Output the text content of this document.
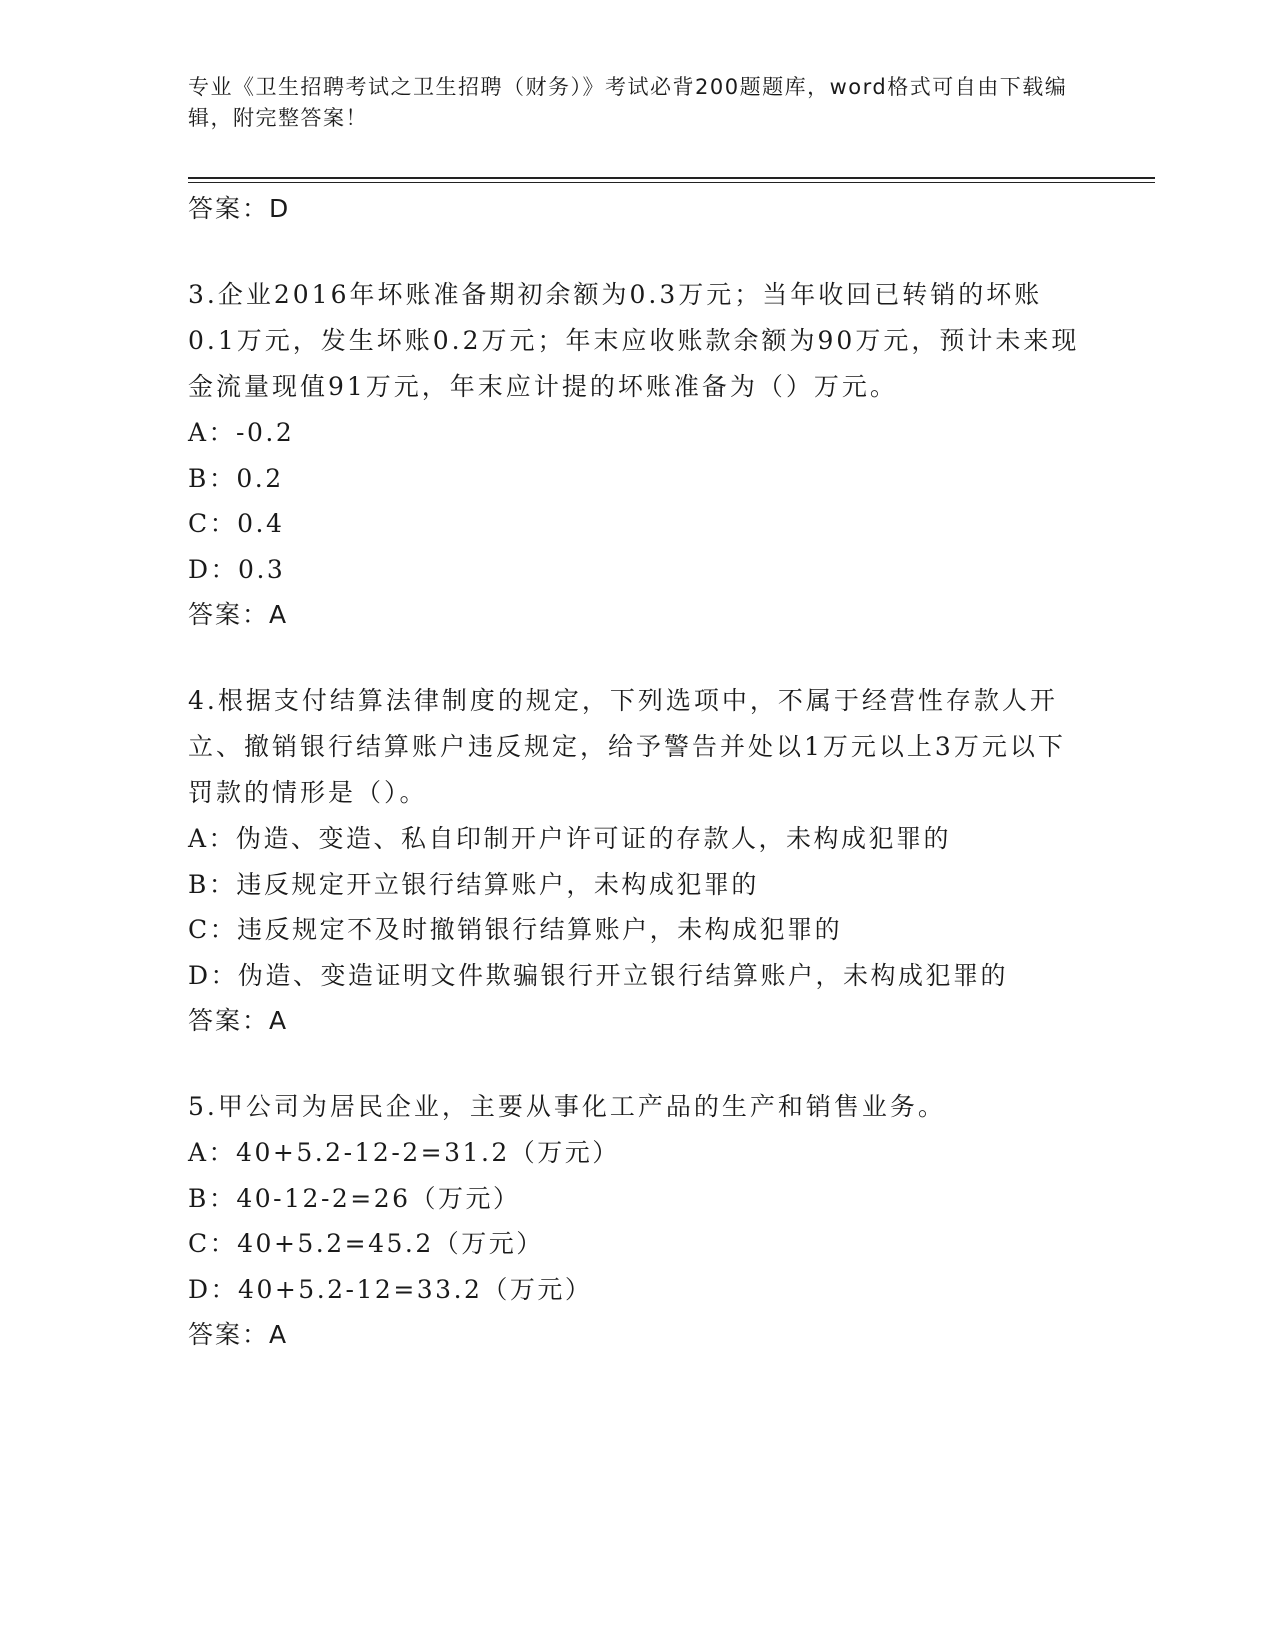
专业《卫生招聘考试之卫生招聘（财务）》考试必背200题题库，word格式可自由下载编辑，附完整答案！

答案：D

3.企业2016年坏账准备期初余额为0.3万元；当年收回已转销的坏账0.1万元，发生坏账0.2万元；年末应收账款余额为90万元，预计未来现金流量现值91万元，年末应计提的坏账准备为（）万元。

A：-0.2

B：0.2

C：0.4

D：0.3

答案：A

4.根据支付结算法律制度的规定，下列选项中，不属于经营性存款人开立、撤销银行结算账户违反规定，给予警告并处以1万元以上3万元以下罚款的情形是（）。

A：伪造、变造、私自印制开户许可证的存款人，未构成犯罪的

B：违反规定开立银行结算账户，未构成犯罪的

C：违反规定不及时撤销银行结算账户，未构成犯罪的

D：伪造、变造证明文件欺骗银行开立银行结算账户，未构成犯罪的

答案：A

5.甲公司为居民企业，主要从事化工产品的生产和销售业务。

A：40+5.2-12-2=31.2（万元）

B：40-12-2=26（万元）

C：40+5.2=45.2（万元）

D：40+5.2-12=33.2（万元）

答案：A
